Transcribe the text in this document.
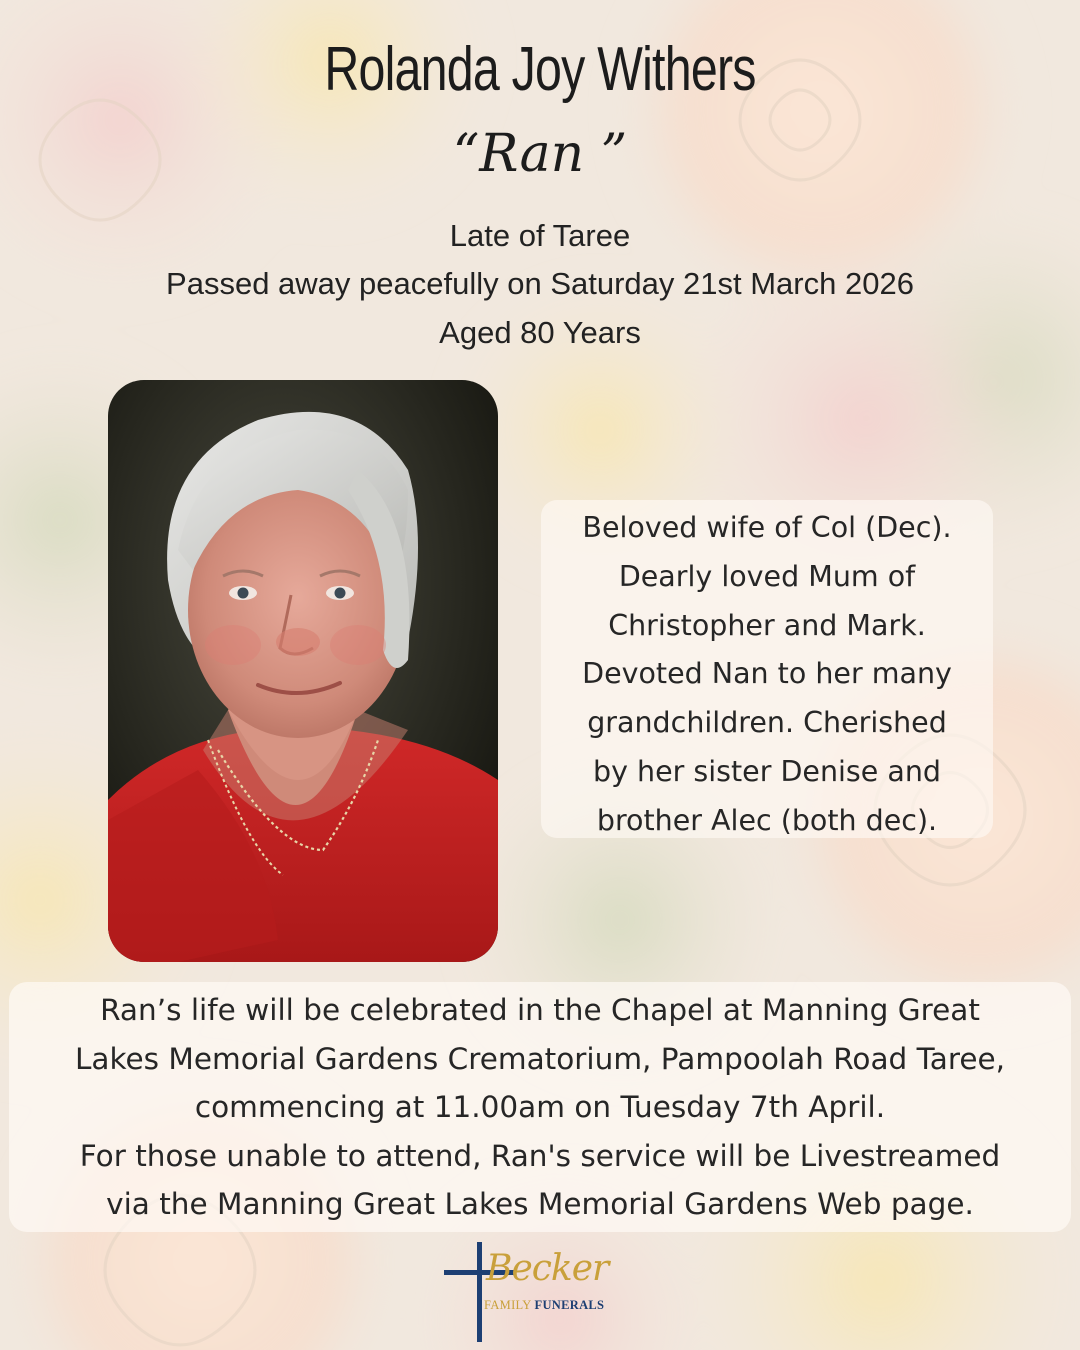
Rolanda Joy Withers
“Ran ”
Late of Taree
Passed away peacefully on Saturday 21st March 2026
Aged 80 Years
Beloved wife of Col (Dec).
Dearly loved Mum of
Christopher and Mark.
Devoted Nan to her many
grandchildren. Cherished
by her sister Denise and
brother Alec (both dec).
Ran’s life will be celebrated in the Chapel at Manning Great
Lakes Memorial Gardens Crematorium, Pampoolah Road Taree,
commencing at 11.00am on Tuesday 7th April.
For those unable to attend, Ran's service will be Livestreamed
via the Manning Great Lakes Memorial Gardens Web page.
Becker
FAMILY FUNERALS
